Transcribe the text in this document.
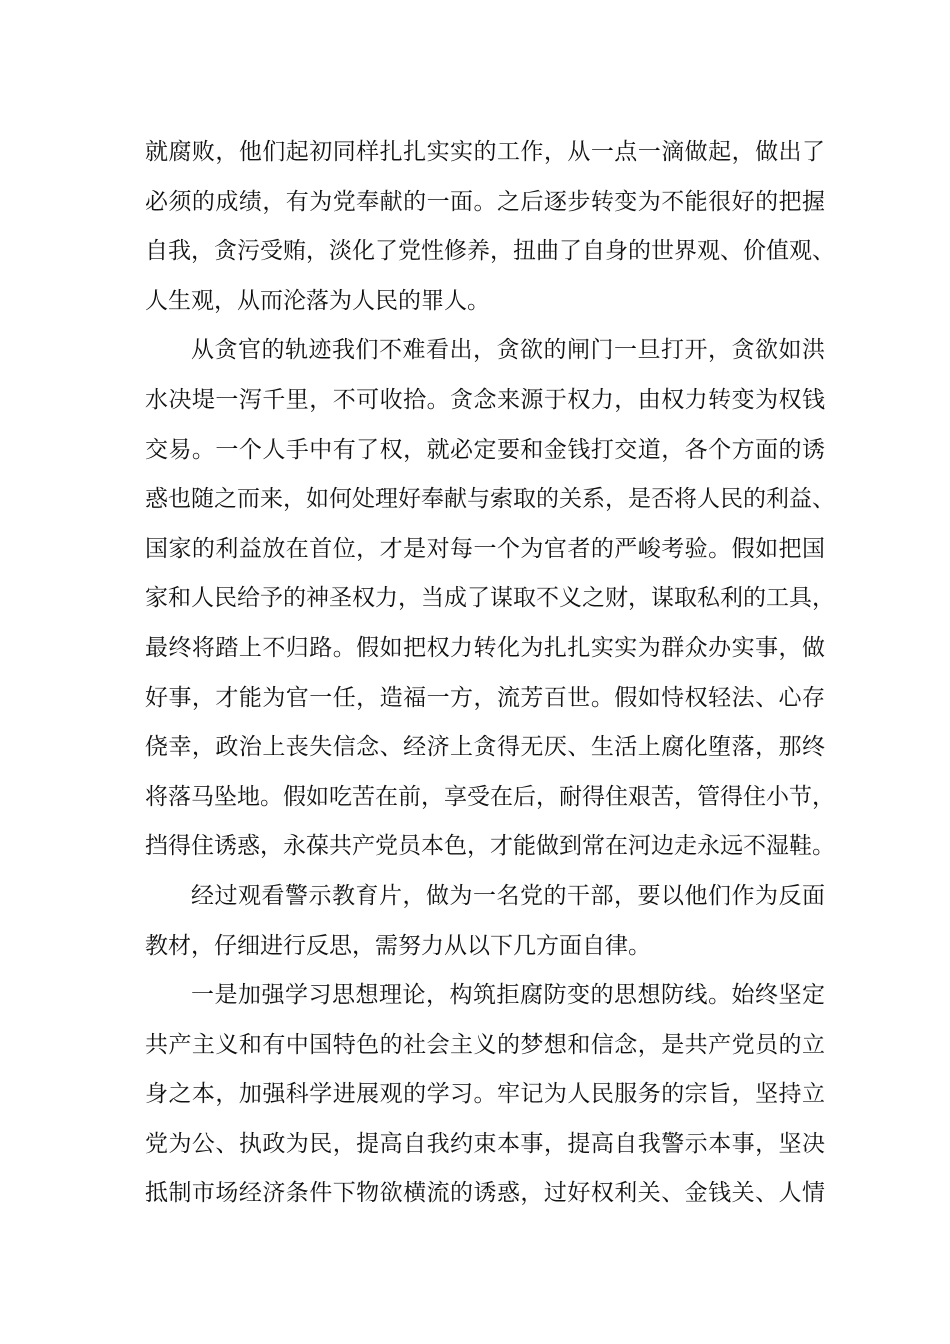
就腐败，他们起初同样扎扎实实的工作，从一点一滴做起，做出了
必须的成绩，有为党奉献的一面。之后逐步转变为不能很好的把握
自我，贪污受贿，淡化了党性修养，扭曲了自身的世界观、价值观、
人生观，从而沦落为人民的罪人。
从贪官的轨迹我们不难看出，贪欲的闸门一旦打开，贪欲如洪
水决堤一泻千里，不可收拾。贪念来源于权力，由权力转变为权钱
交易。一个人手中有了权，就必定要和金钱打交道，各个方面的诱
惑也随之而来，如何处理好奉献与索取的关系，是否将人民的利益、
国家的利益放在首位，才是对每一个为官者的严峻考验。假如把国
家和人民给予的神圣权力，当成了谋取不义之财，谋取私利的工具，
最终将踏上不归路。假如把权力转化为扎扎实实为群众办实事，做
好事，才能为官一任，造福一方，流芳百世。假如恃权轻法、心存
侥幸，政治上丧失信念、经济上贪得无厌、生活上腐化堕落，那终
将落马坠地。假如吃苦在前，享受在后，耐得住艰苦，管得住小节，
挡得住诱惑，永葆共产党员本色，才能做到常在河边走永远不湿鞋。
经过观看警示教育片，做为一名党的干部，要以他们作为反面
教材，仔细进行反思，需努力从以下几方面自律。
一是加强学习思想理论，构筑拒腐防变的思想防线。始终坚定
共产主义和有中国特色的社会主义的梦想和信念，是共产党员的立
身之本，加强科学进展观的学习。牢记为人民服务的宗旨，坚持立
党为公、执政为民，提高自我约束本事，提高自我警示本事，坚决
抵制市场经济条件下物欲横流的诱惑，过好权利关、金钱关、人情
